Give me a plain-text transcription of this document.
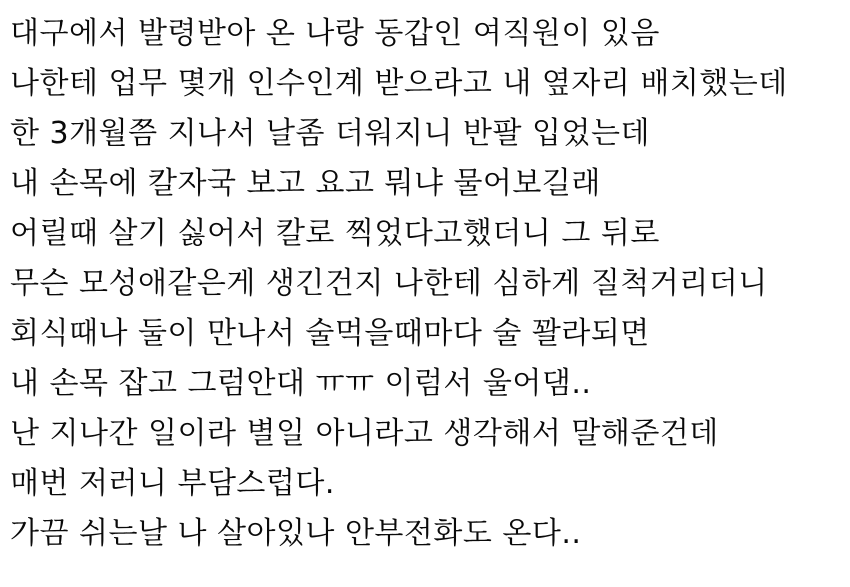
대구에서 발령받아 온 나랑 동갑인 여직원이 있음
나한테 업무 몇개 인수인계 받으라고 내 옆자리 배치했는데
한 3개월쯤 지나서 날좀 더워지니 반팔 입었는데
내 손목에 칼자국 보고 요고 뭐냐 물어보길래
어릴때 살기 싫어서 칼로 찍었다고했더니 그 뒤로
무슨 모성애같은게 생긴건지 나한테 심하게 질척거리더니
회식때나 둘이 만나서 술먹을때마다 술 꽐라되면
내 손목 잡고 그럼안대 ㅠㅠ 이럼서 울어댐..
난 지나간 일이라 별일 아니라고 생각해서 말해준건데
매번 저러니 부담스럽다.
가끔 쉬는날 나 살아있나 안부전화도 온다..
